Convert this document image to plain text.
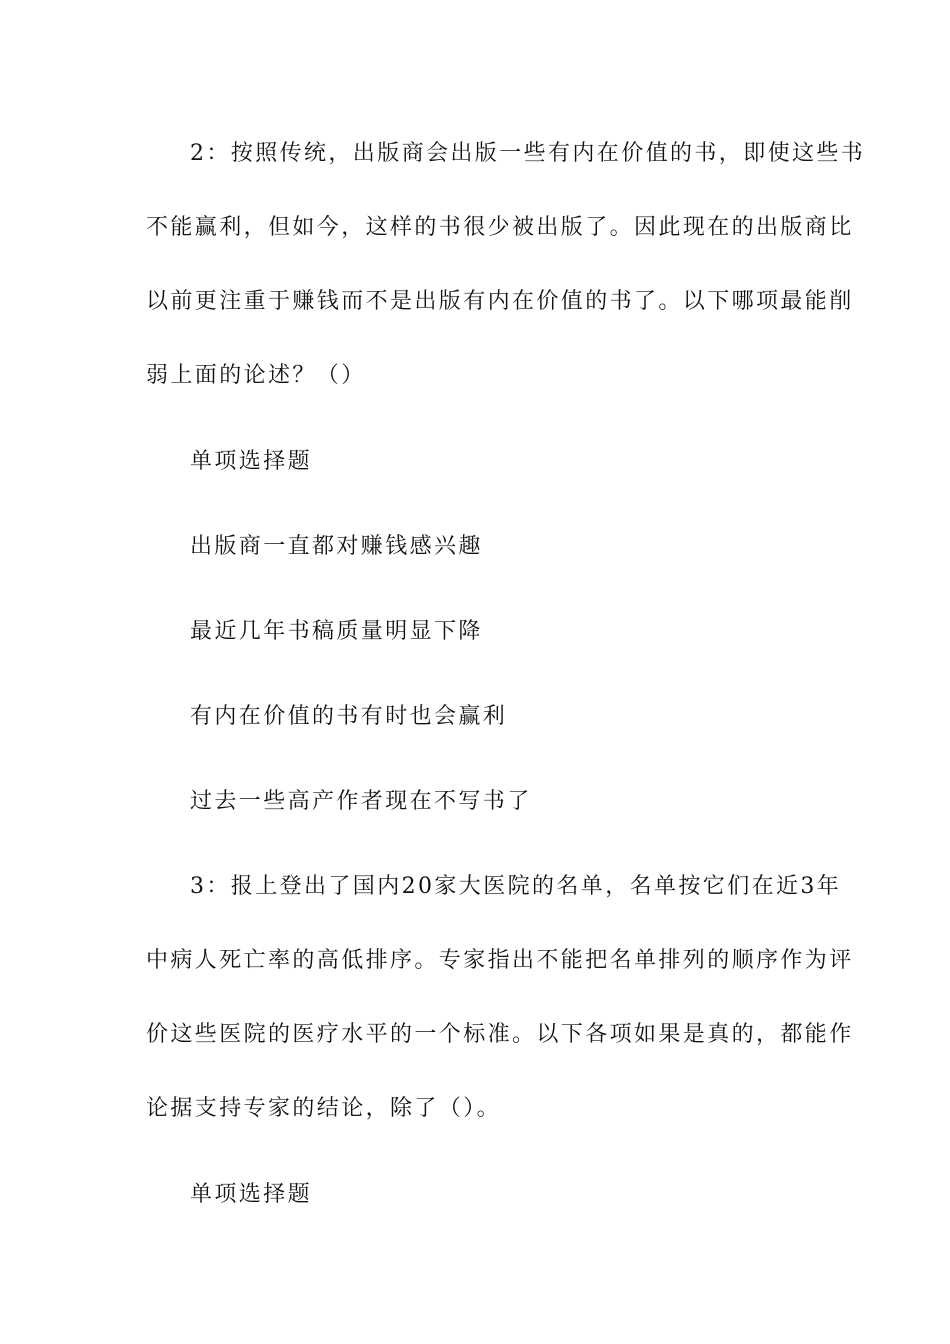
2：按照传统，出版商会出版一些有内在价值的书，即使这些书
不能赢利，但如今，这样的书很少被出版了。因此现在的出版商比
以前更注重于赚钱而不是出版有内在价值的书了。以下哪项最能削
弱上面的论述？（）
单项选择题
出版商一直都对赚钱感兴趣
最近几年书稿质量明显下降
有内在价值的书有时也会赢利
过去一些高产作者现在不写书了
3：报上登出了国内20家大医院的名单，名单按它们在近3年
中病人死亡率的高低排序。专家指出不能把名单排列的顺序作为评
价这些医院的医疗水平的一个标准。以下各项如果是真的，都能作
论据支持专家的结论，除了（）。
单项选择题
